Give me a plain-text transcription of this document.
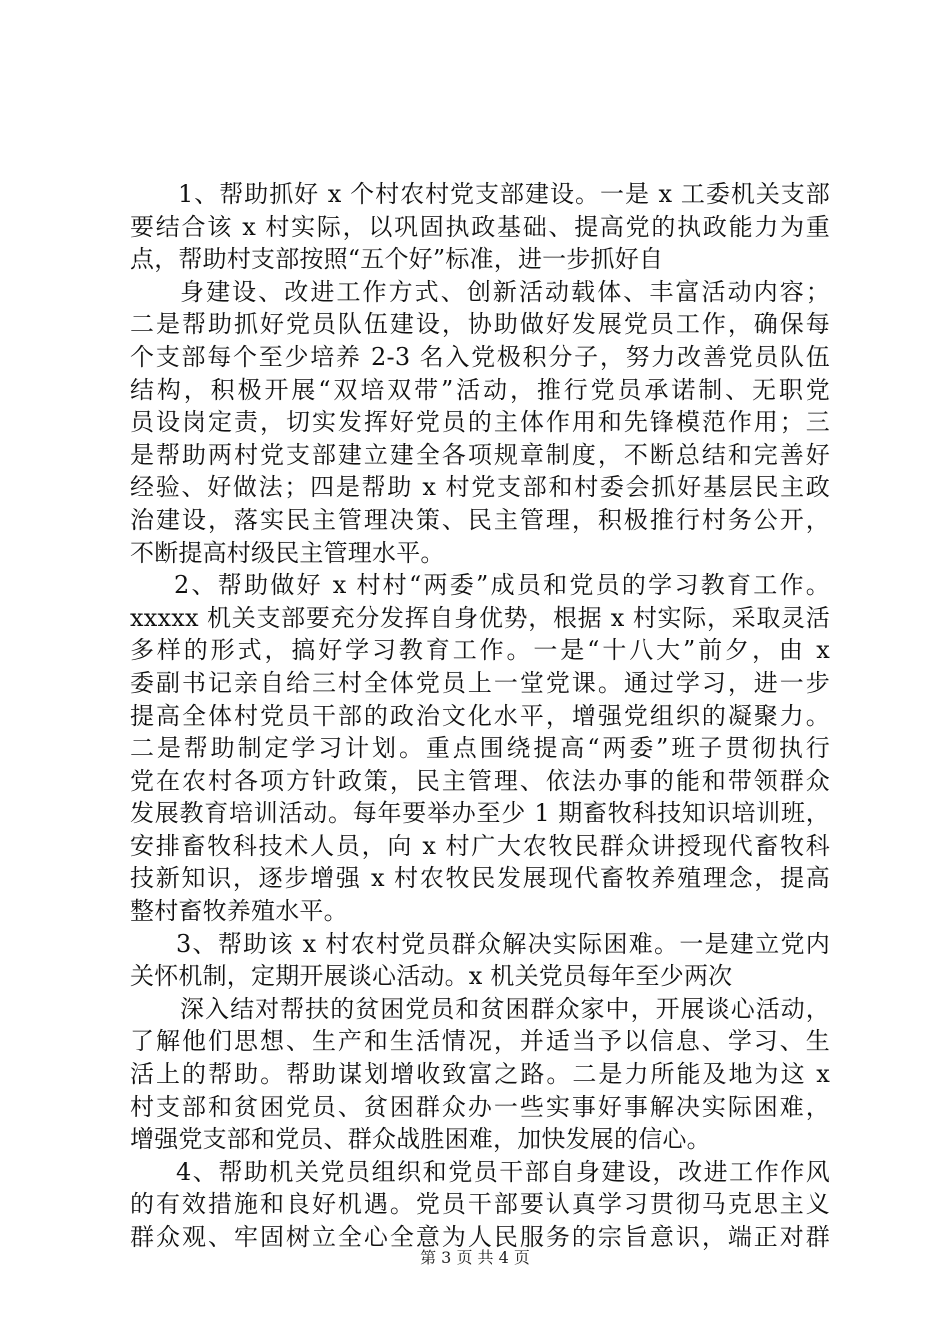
1、帮助抓好 x 个村农村党支部建设。一是 x 工委机关支部
要结合该 x 村实际，以巩固执政基础、提高党的执政能力为重
点，帮助村支部按照“五个好”标准，进一步抓好自
身建设、改进工作方式、创新活动载体、丰富活动内容；
二是帮助抓好党员队伍建设，协助做好发展党员工作，确保每
个支部每个至少培养 2-3 名入党极积分子，努力改善党员队伍
结构，积极开展“双培双带”活动，推行党员承诺制、无职党
员设岗定责，切实发挥好党员的主体作用和先锋模范作用；三
是帮助两村党支部建立建全各项规章制度，不断总结和完善好
经验、好做法；四是帮助 x 村党支部和村委会抓好基层民主政
治建设，落实民主管理决策、民主管理，积极推行村务公开，
不断提高村级民主管理水平。
2、帮助做好 x 村村“两委”成员和党员的学习教育工作。
xxxxx 机关支部要充分发挥自身优势，根据 x 村实际，采取灵活
多样的形式，搞好学习教育工作。一是“十八大”前夕，由 x
委副书记亲自给三村全体党员上一堂党课。通过学习，进一步
提高全体村党员干部的政治文化水平，增强党组织的凝聚力。
二是帮助制定学习计划。重点围绕提高“两委”班子贯彻执行
党在农村各项方针政策，民主管理、依法办事的能和带领群众
发展教育培训活动。每年要举办至少 1 期畜牧科技知识培训班，
安排畜牧科技术人员，向 x 村广大农牧民群众讲授现代畜牧科
技新知识，逐步增强 x 村农牧民发展现代畜牧养殖理念，提高
整村畜牧养殖水平。
3、帮助该 x 村农村党员群众解决实际困难。一是建立党内
关怀机制，定期开展谈心活动。x 机关党员每年至少两次
深入结对帮扶的贫困党员和贫困群众家中，开展谈心活动，
了解他们思想、生产和生活情况，并适当予以信息、学习、生
活上的帮助。帮助谋划增收致富之路。二是力所能及地为这 x
村支部和贫困党员、贫困群众办一些实事好事解决实际困难，
增强党支部和党员、群众战胜困难，加快发展的信心。
4、帮助机关党员组织和党员干部自身建设，改进工作作风
的有效措施和良好机遇。党员干部要认真学习贯彻马克思主义
群众观、牢固树立全心全意为人民服务的宗旨意识，端正对群
第 3 页 共 4 页
